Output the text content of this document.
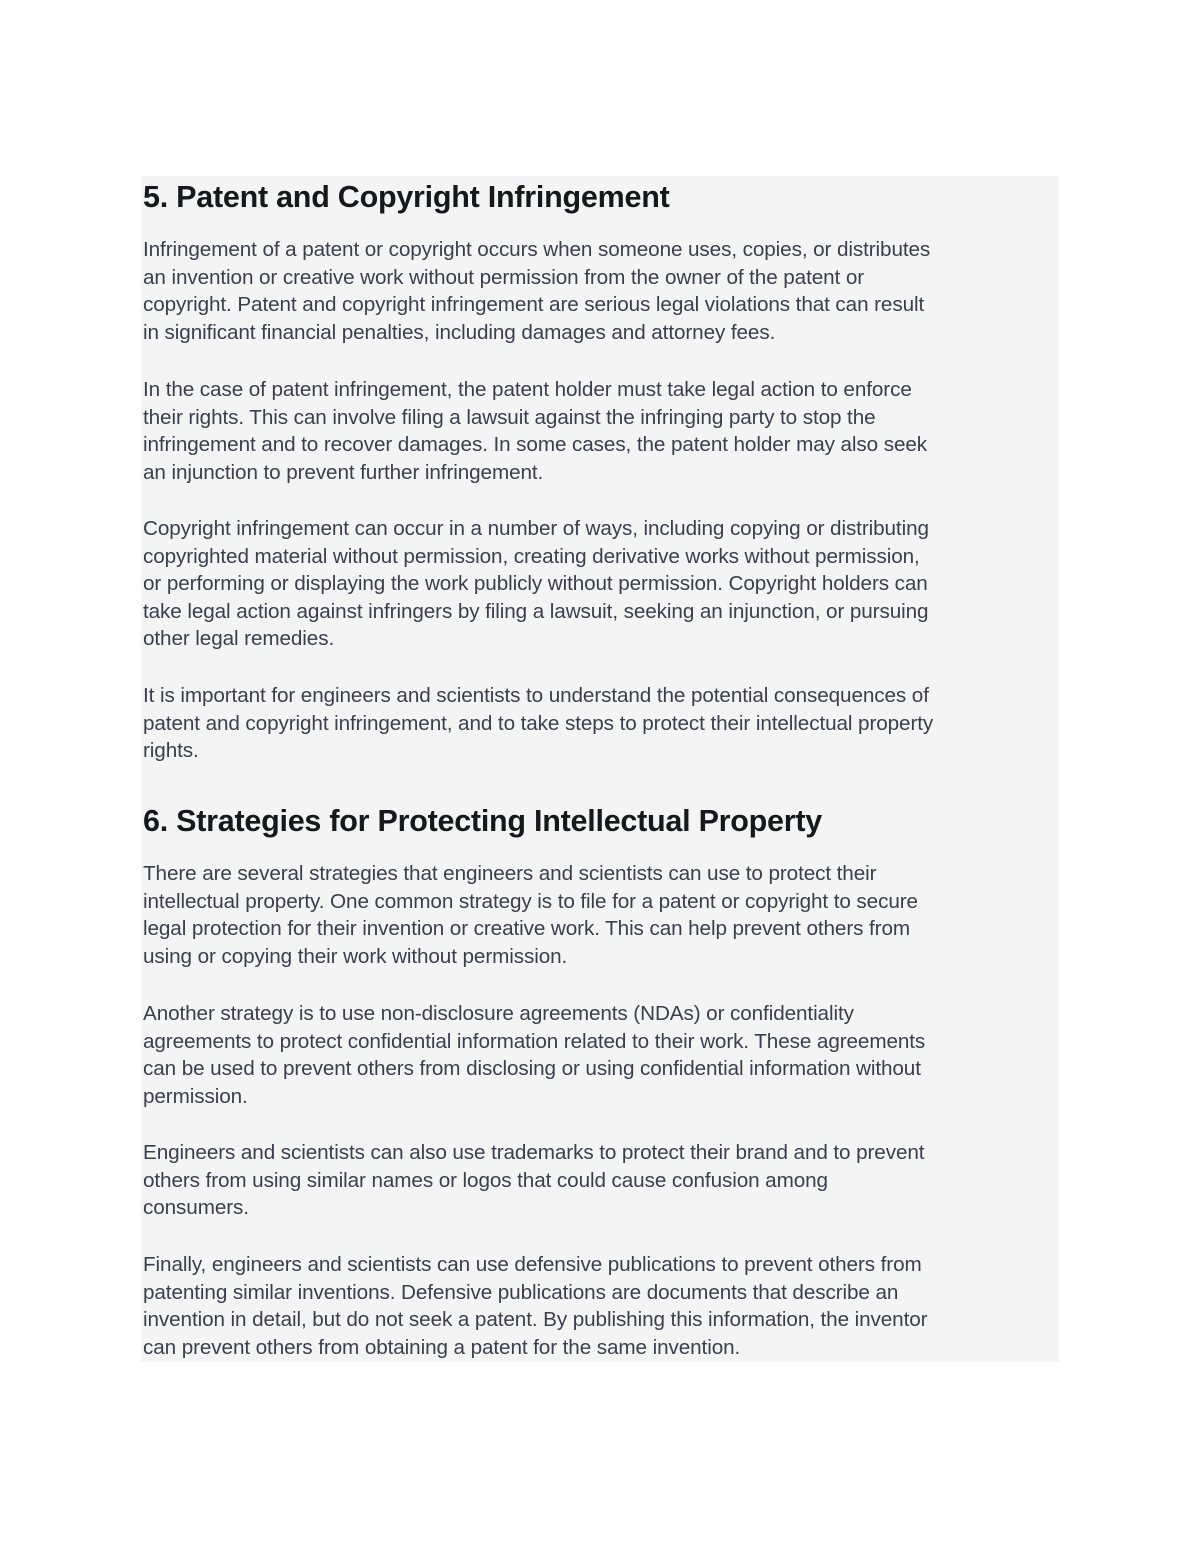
5. Patent and Copyright Infringement

Infringement of a patent or copyright occurs when someone uses, copies, or distributes
an invention or creative work without permission from the owner of the patent or
copyright. Patent and copyright infringement are serious legal violations that can result
in significant financial penalties, including damages and attorney fees.

In the case of patent infringement, the patent holder must take legal action to enforce
their rights. This can involve filing a lawsuit against the infringing party to stop the
infringement and to recover damages. In some cases, the patent holder may also seek
an injunction to prevent further infringement.

Copyright infringement can occur in a number of ways, including copying or distributing
copyrighted material without permission, creating derivative works without permission,
or performing or displaying the work publicly without permission. Copyright holders can
take legal action against infringers by filing a lawsuit, seeking an injunction, or pursuing
other legal remedies.

It is important for engineers and scientists to understand the potential consequences of
patent and copyright infringement, and to take steps to protect their intellectual property
rights.

6. Strategies for Protecting Intellectual Property

There are several strategies that engineers and scientists can use to protect their
intellectual property. One common strategy is to file for a patent or copyright to secure
legal protection for their invention or creative work. This can help prevent others from
using or copying their work without permission.

Another strategy is to use non-disclosure agreements (NDAs) or confidentiality
agreements to protect confidential information related to their work. These agreements
can be used to prevent others from disclosing or using confidential information without
permission.

Engineers and scientists can also use trademarks to protect their brand and to prevent
others from using similar names or logos that could cause confusion among
consumers.

Finally, engineers and scientists can use defensive publications to prevent others from
patenting similar inventions. Defensive publications are documents that describe an
invention in detail, but do not seek a patent. By publishing this information, the inventor
can prevent others from obtaining a patent for the same invention.
